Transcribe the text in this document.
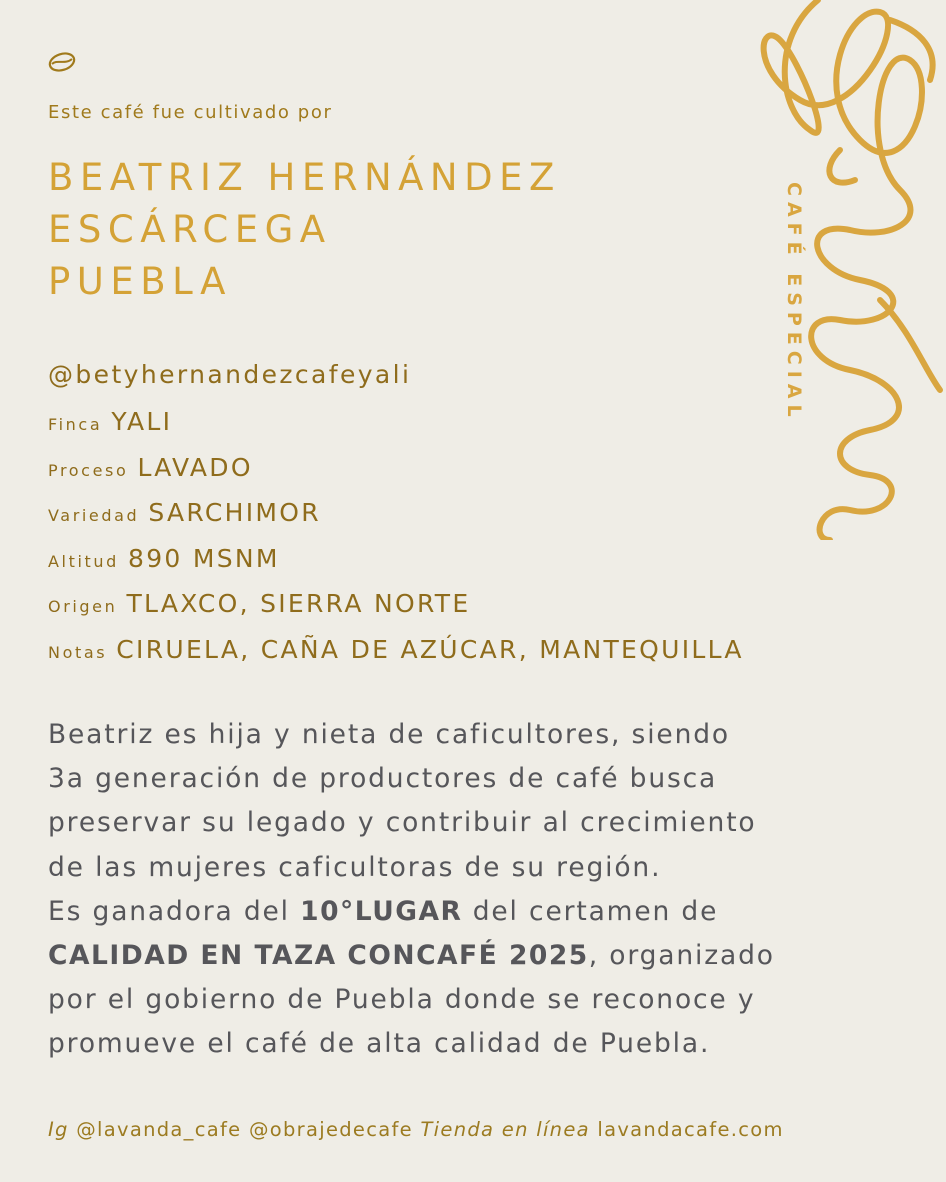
Este café fue cultivado por

BEATRIZ HERNÁNDEZ
ESCÁRCEGA
PUEBLA
@betyhernandezcafeyali
Finca YALI
Proceso LAVADO
Variedad SARCHIMOR
Altitud 890 MSNM
Origen TLAXCO, SIERRA NORTE
Notas CIRUELA, CAÑA DE AZÚCAR, MANTEQUILLA

Beatriz es hija y nieta de caficultores, siendo
3a generación de productores de café busca
preservar su legado y contribuir al crecimiento
de las mujeres caficultoras de su región.
Es ganadora del 10°LUGAR del certamen de
CALIDAD EN TAZA CONCAFÉ 2025, organizado
por el gobierno de Puebla donde se reconoce y
promueve el café de alta calidad de Puebla.

Ig @lavanda_cafe @obrajedecafe Tienda en línea lavandacafe.com
CAFÉ ESPECIAL
